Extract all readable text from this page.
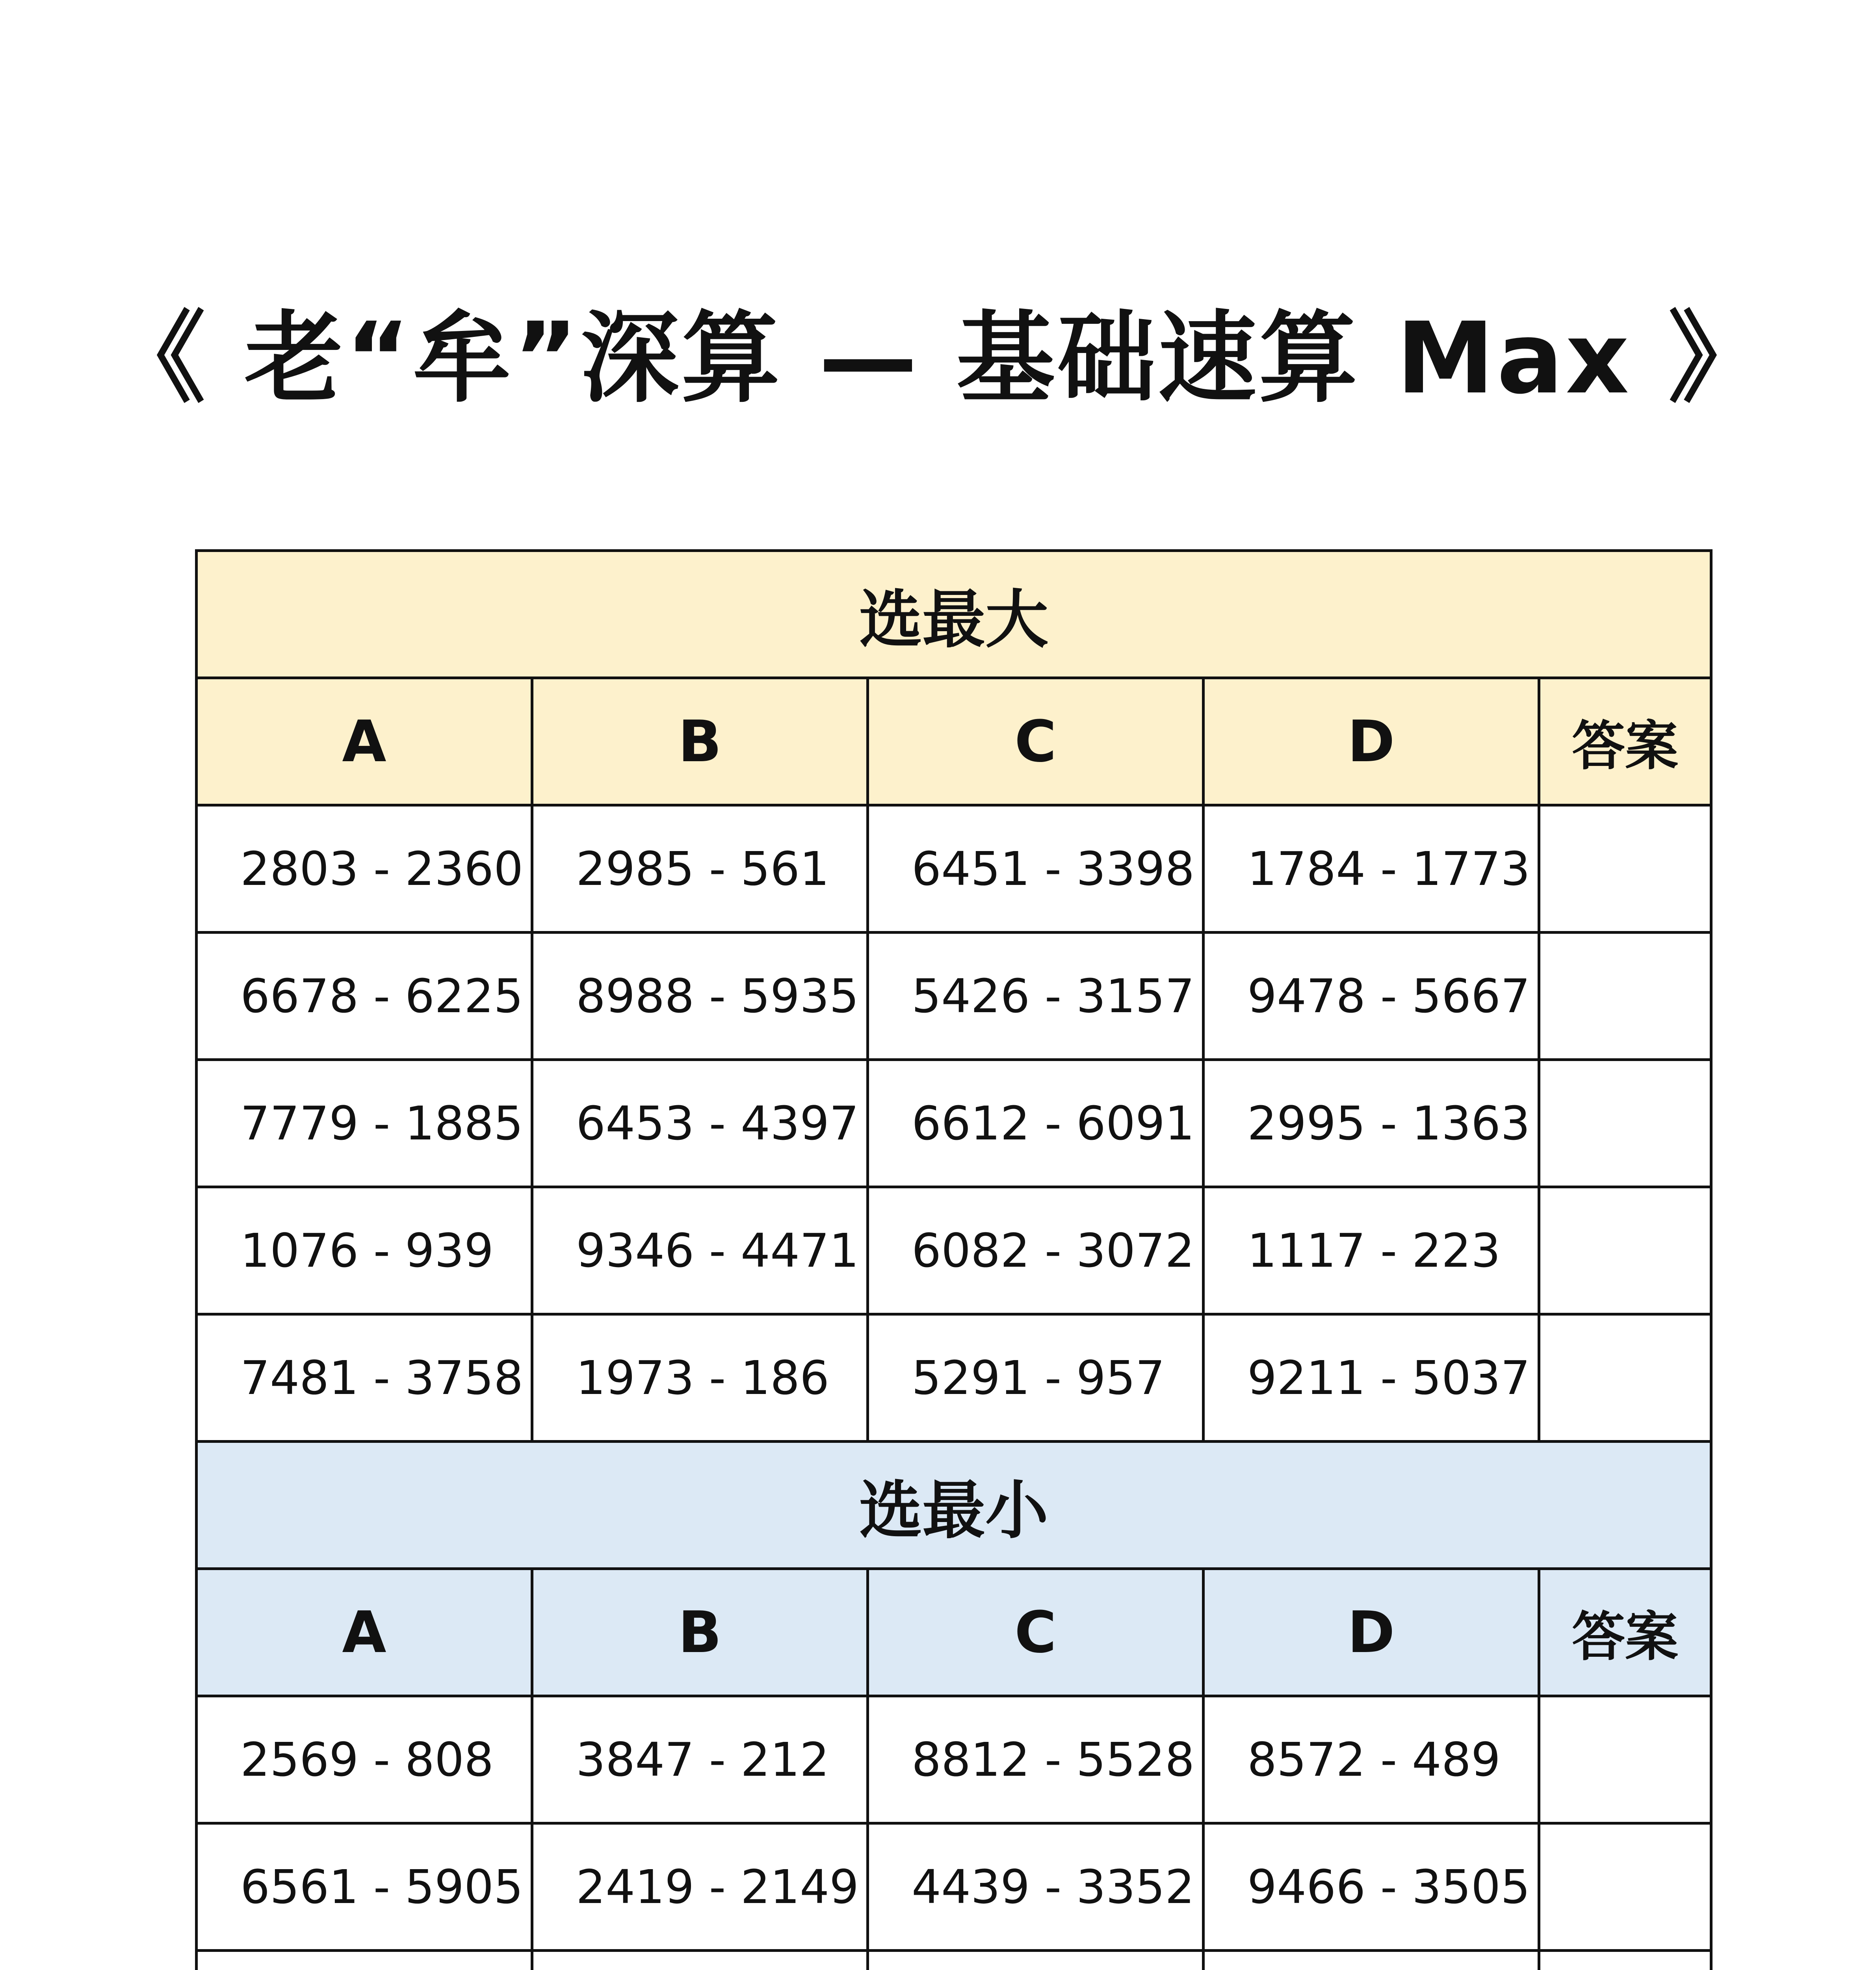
《 老“牟”深算 — 基础速算 Max 》
选最大				
A	B	C	D	答案
2803 - 2360	2985 - 561	6451 - 3398	1784 - 1773	
6678 - 6225	8988 - 5935	5426 - 3157	9478 - 5667	
7779 - 1885	6453 - 4397	6612 - 6091	2995 - 1363	
1076 - 939	9346 - 4471	6082 - 3072	1117 - 223	
7481 - 3758	1973 - 186	5291 - 957	9211 - 5037	
选最小				
A	B	C	D	答案
2569 - 808	3847 - 212	8812 - 5528	8572 - 489	
6561 - 5905	2419 - 2149	4439 - 3352	9466 - 3505	
